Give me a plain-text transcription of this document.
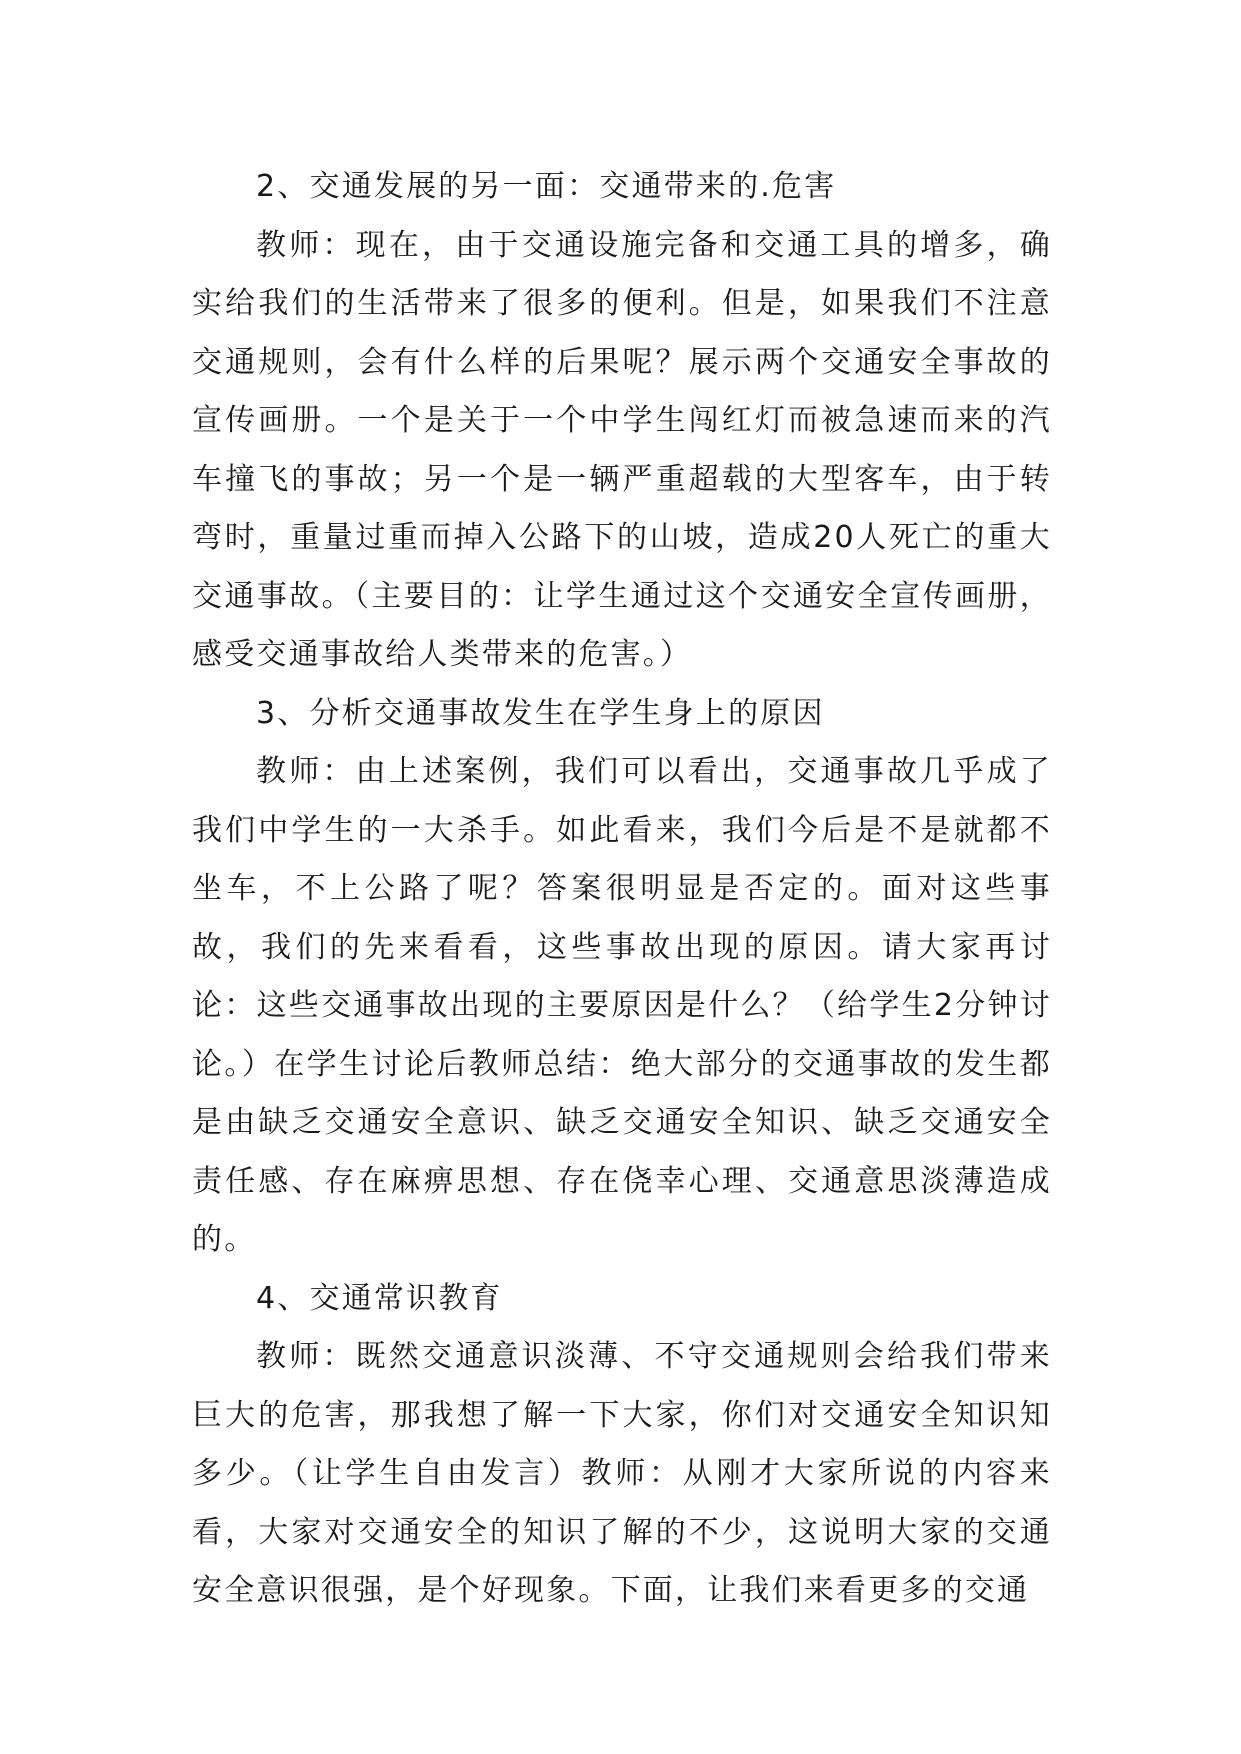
2、交通发展的另一面：交通带来的.危害

教师：现在，由于交通设施完备和交通工具的增多，确实给我们的生活带来了很多的便利。但是，如果我们不注意交通规则，会有什么样的后果呢？展示两个交通安全事故的宣传画册。一个是关于一个中学生闯红灯而被急速而来的汽车撞飞的事故；另一个是一辆严重超载的大型客车，由于转弯时，重量过重而掉入公路下的山坡，造成20人死亡的重大交通事故。（主要目的：让学生通过这个交通安全宣传画册，感受交通事故给人类带来的危害。）

3、分析交通事故发生在学生身上的原因

教师：由上述案例，我们可以看出，交通事故几乎成了我们中学生的一大杀手。如此看来，我们今后是不是就都不坐车，不上公路了呢？答案很明显是否定的。面对这些事故，我们的先来看看，这些事故出现的原因。请大家再讨论：这些交通事故出现的主要原因是什么？（给学生2分钟讨论。）在学生讨论后教师总结：绝大部分的交通事故的发生都是由缺乏交通安全意识、缺乏交通安全知识、缺乏交通安全责任感、存在麻痹思想、存在侥幸心理、交通意思淡薄造成的。

4、交通常识教育

教师：既然交通意识淡薄、不守交通规则会给我们带来巨大的危害，那我想了解一下大家，你们对交通安全知识知多少。（让学生自由发言）教师：从刚才大家所说的内容来看，大家对交通安全的知识了解的不少，这说明大家的交通安全意识很强，是个好现象。下面，让我们来看更多的交通
